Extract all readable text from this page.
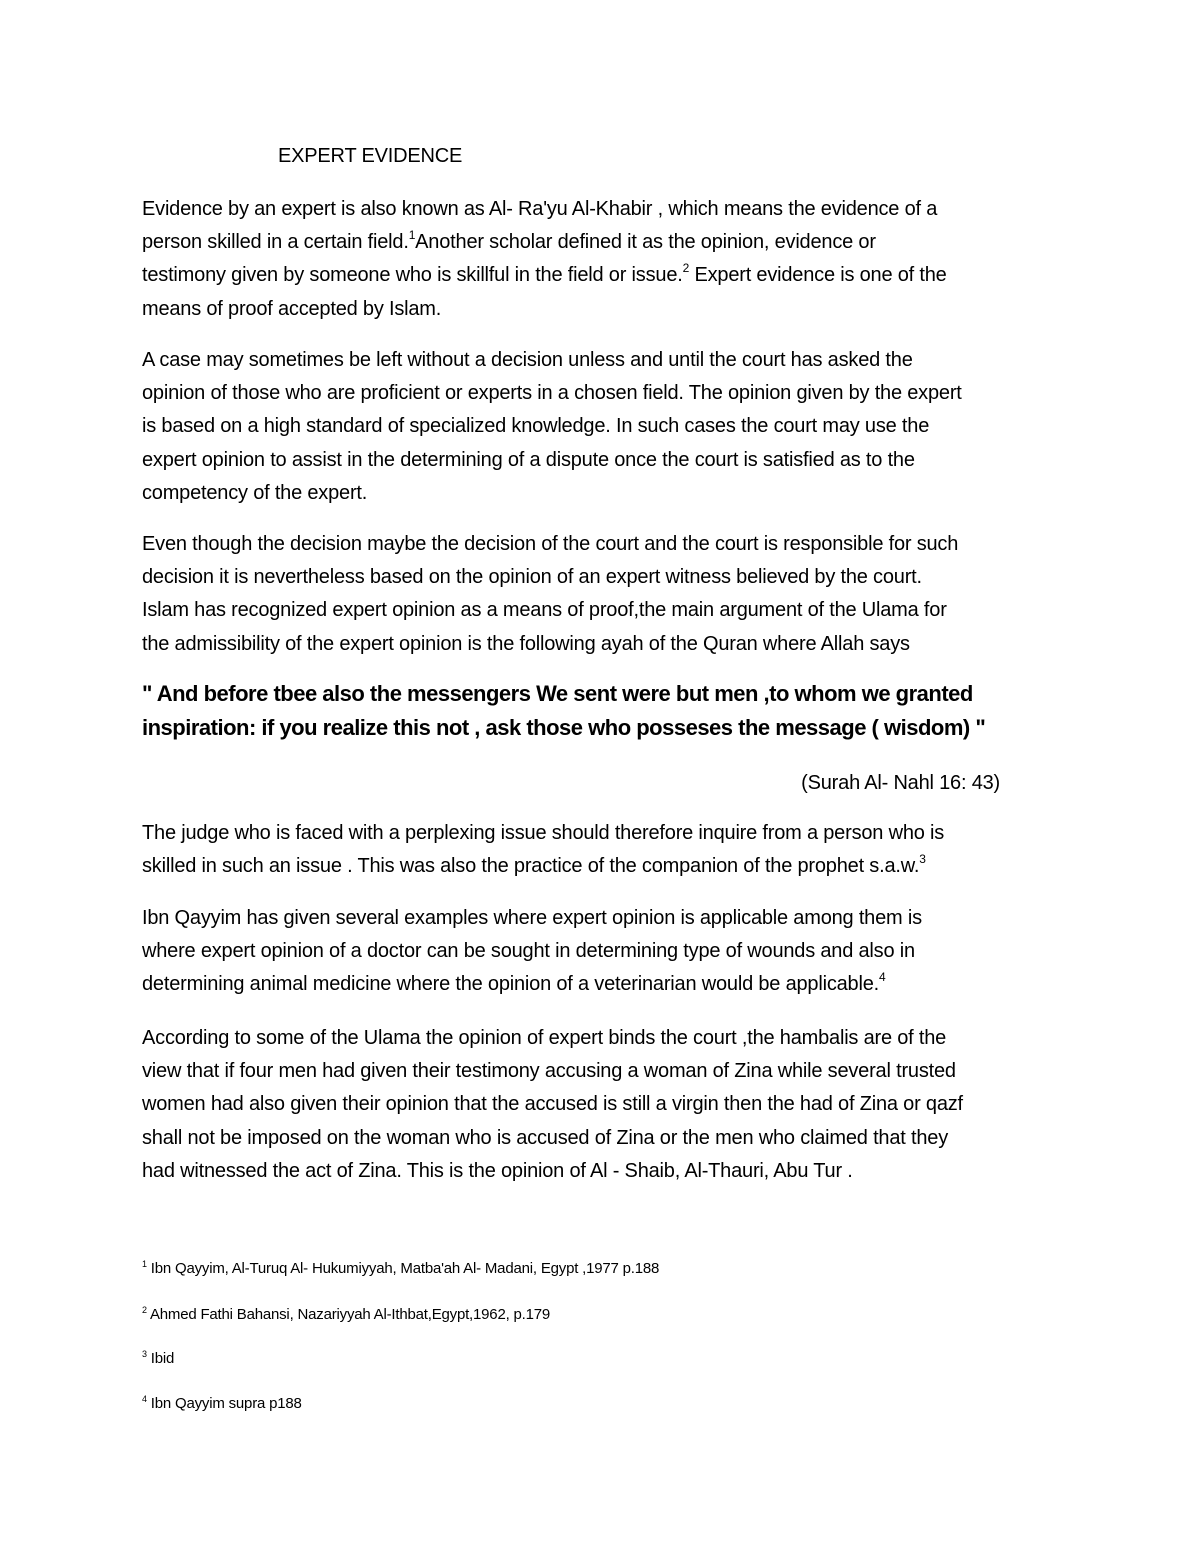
EXPERT EVIDENCE
Evidence by an expert is also known as Al- Ra'yu Al-Khabir , which means the evidence of a
person skilled in a certain field.$^1$Another scholar defined it as the opinion, evidence or
testimony given by someone who is skillful in the field or issue.$^2$ Expert evidence is one of the
means of proof accepted by Islam.
A case may sometimes be left without a decision unless and until the court has asked the
opinion of those who are proficient or experts in a chosen field. The opinion given by the expert
is based on a high standard of specialized knowledge. In such cases the court may use the
expert opinion to assist in the determining of a dispute once the court is satisfied as to the
competency of the expert.
Even though the decision maybe the decision of the court and the court is responsible for such
decision it is nevertheless based on the opinion of an expert witness believed by the court.
Islam has recognized expert opinion as a means of proof,the main argument of the Ulama for
the admissibility of the expert opinion is the following ayah of the Quran where Allah says
" And before tbee also the messengers We sent were but men ,to whom we granted
inspiration: if you realize this not , ask those who posseses the message ( wisdom) "
(Surah Al- Nahl 16: 43)
The judge who is faced with a perplexing issue should therefore inquire from a person who is
skilled in such an issue . This was also the practice of the companion of the prophet s.a.w.$^3$
Ibn Qayyim has given several examples where expert opinion is applicable among them is
where expert opinion of a doctor can be sought in determining type of wounds and also in
determining animal medicine where the opinion of a veterinarian would be applicable.$^4$
According to some of the Ulama the opinion of expert binds the court ,the hambalis are of the
view that if four men had given their testimony accusing a woman of Zina while several trusted
women had also given their opinion that the accused is still a virgin then the had of Zina or qazf
shall not be imposed on the woman who is accused of Zina or the men who claimed that they
had witnessed the act of Zina. This is the opinion of Al - Shaib, Al-Thauri, Abu Tur .
$^1$ Ibn Qayyim, Al-Turuq Al- Hukumiyyah, Matba'ah Al- Madani, Egypt ,1977 p.188
$^2$ Ahmed Fathi Bahansi, Nazariyyah Al-Ithbat,Egypt,1962, p.179
$^3$ Ibid
$^4$ Ibn Qayyim supra p188
